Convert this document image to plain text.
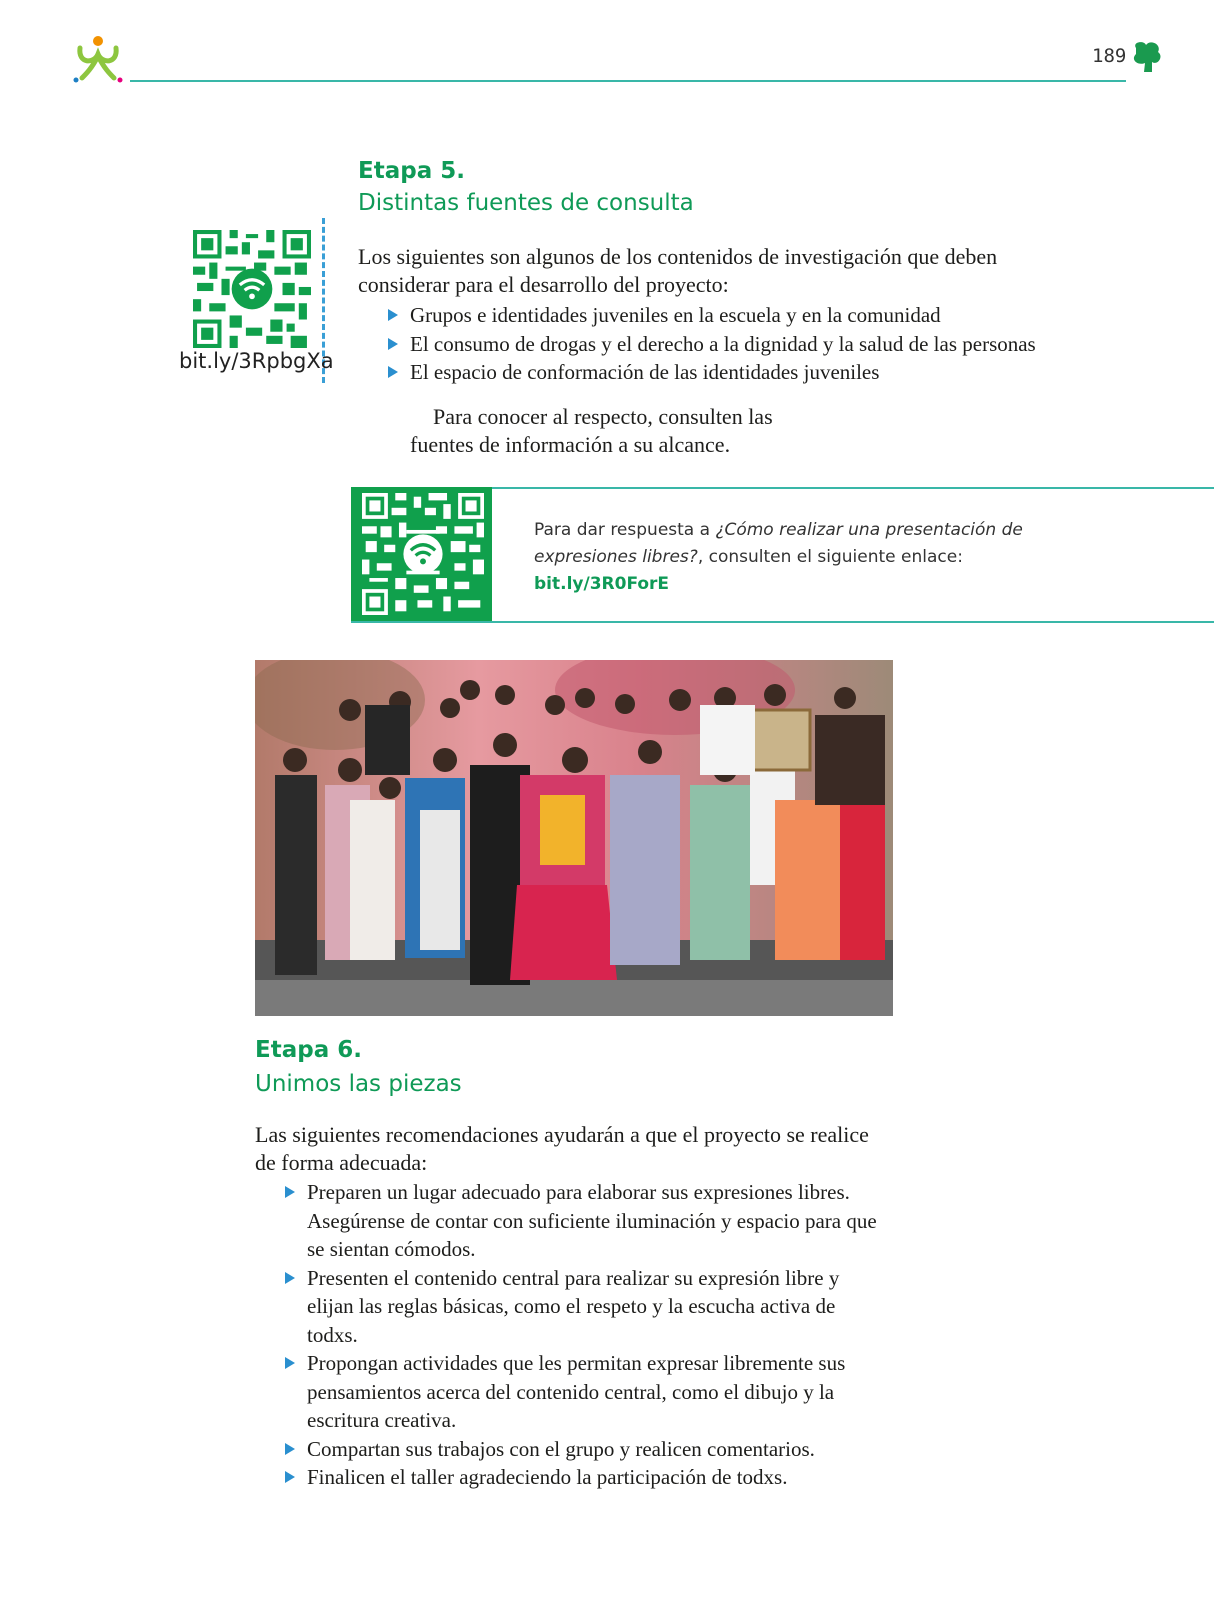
189
Etapa 5.
Distintas fuentes de consulta
bit.ly/3RpbgXa
Los siguientes son algunos de los contenidos de investigación que deben considerar para el desarrollo del proyecto:
Grupos e identidades juveniles en la escuela y en la comunidad
El consumo de drogas y el derecho a la dignidad y la salud de las personas
El espacio de conformación de las identidades juveniles
Para conocer al respecto, consulten las fuentes de información a su alcance.
Para dar respuesta a ¿Cómo realizar una presentación de expresiones libres?, consulten el siguiente enlace:
bit.ly/3R0ForE
Etapa 6.
Unimos las piezas
Las siguientes recomendaciones ayudarán a que el proyecto se realice de forma adecuada:
Preparen un lugar adecuado para elaborar sus expresiones libres. Asegúrense de contar con suficiente iluminación y espacio para que se sientan cómodos.
Presenten el contenido central para realizar su expresión libre y elijan las reglas básicas, como el respeto y la escucha activa de todxs.
Propongan actividades que les permitan expresar libremente sus pensamientos acerca del contenido central, como el dibujo y la escritura creativa.
Compartan sus trabajos con el grupo y realicen comentarios.
Finalicen el taller agradeciendo la participación de todxs.
